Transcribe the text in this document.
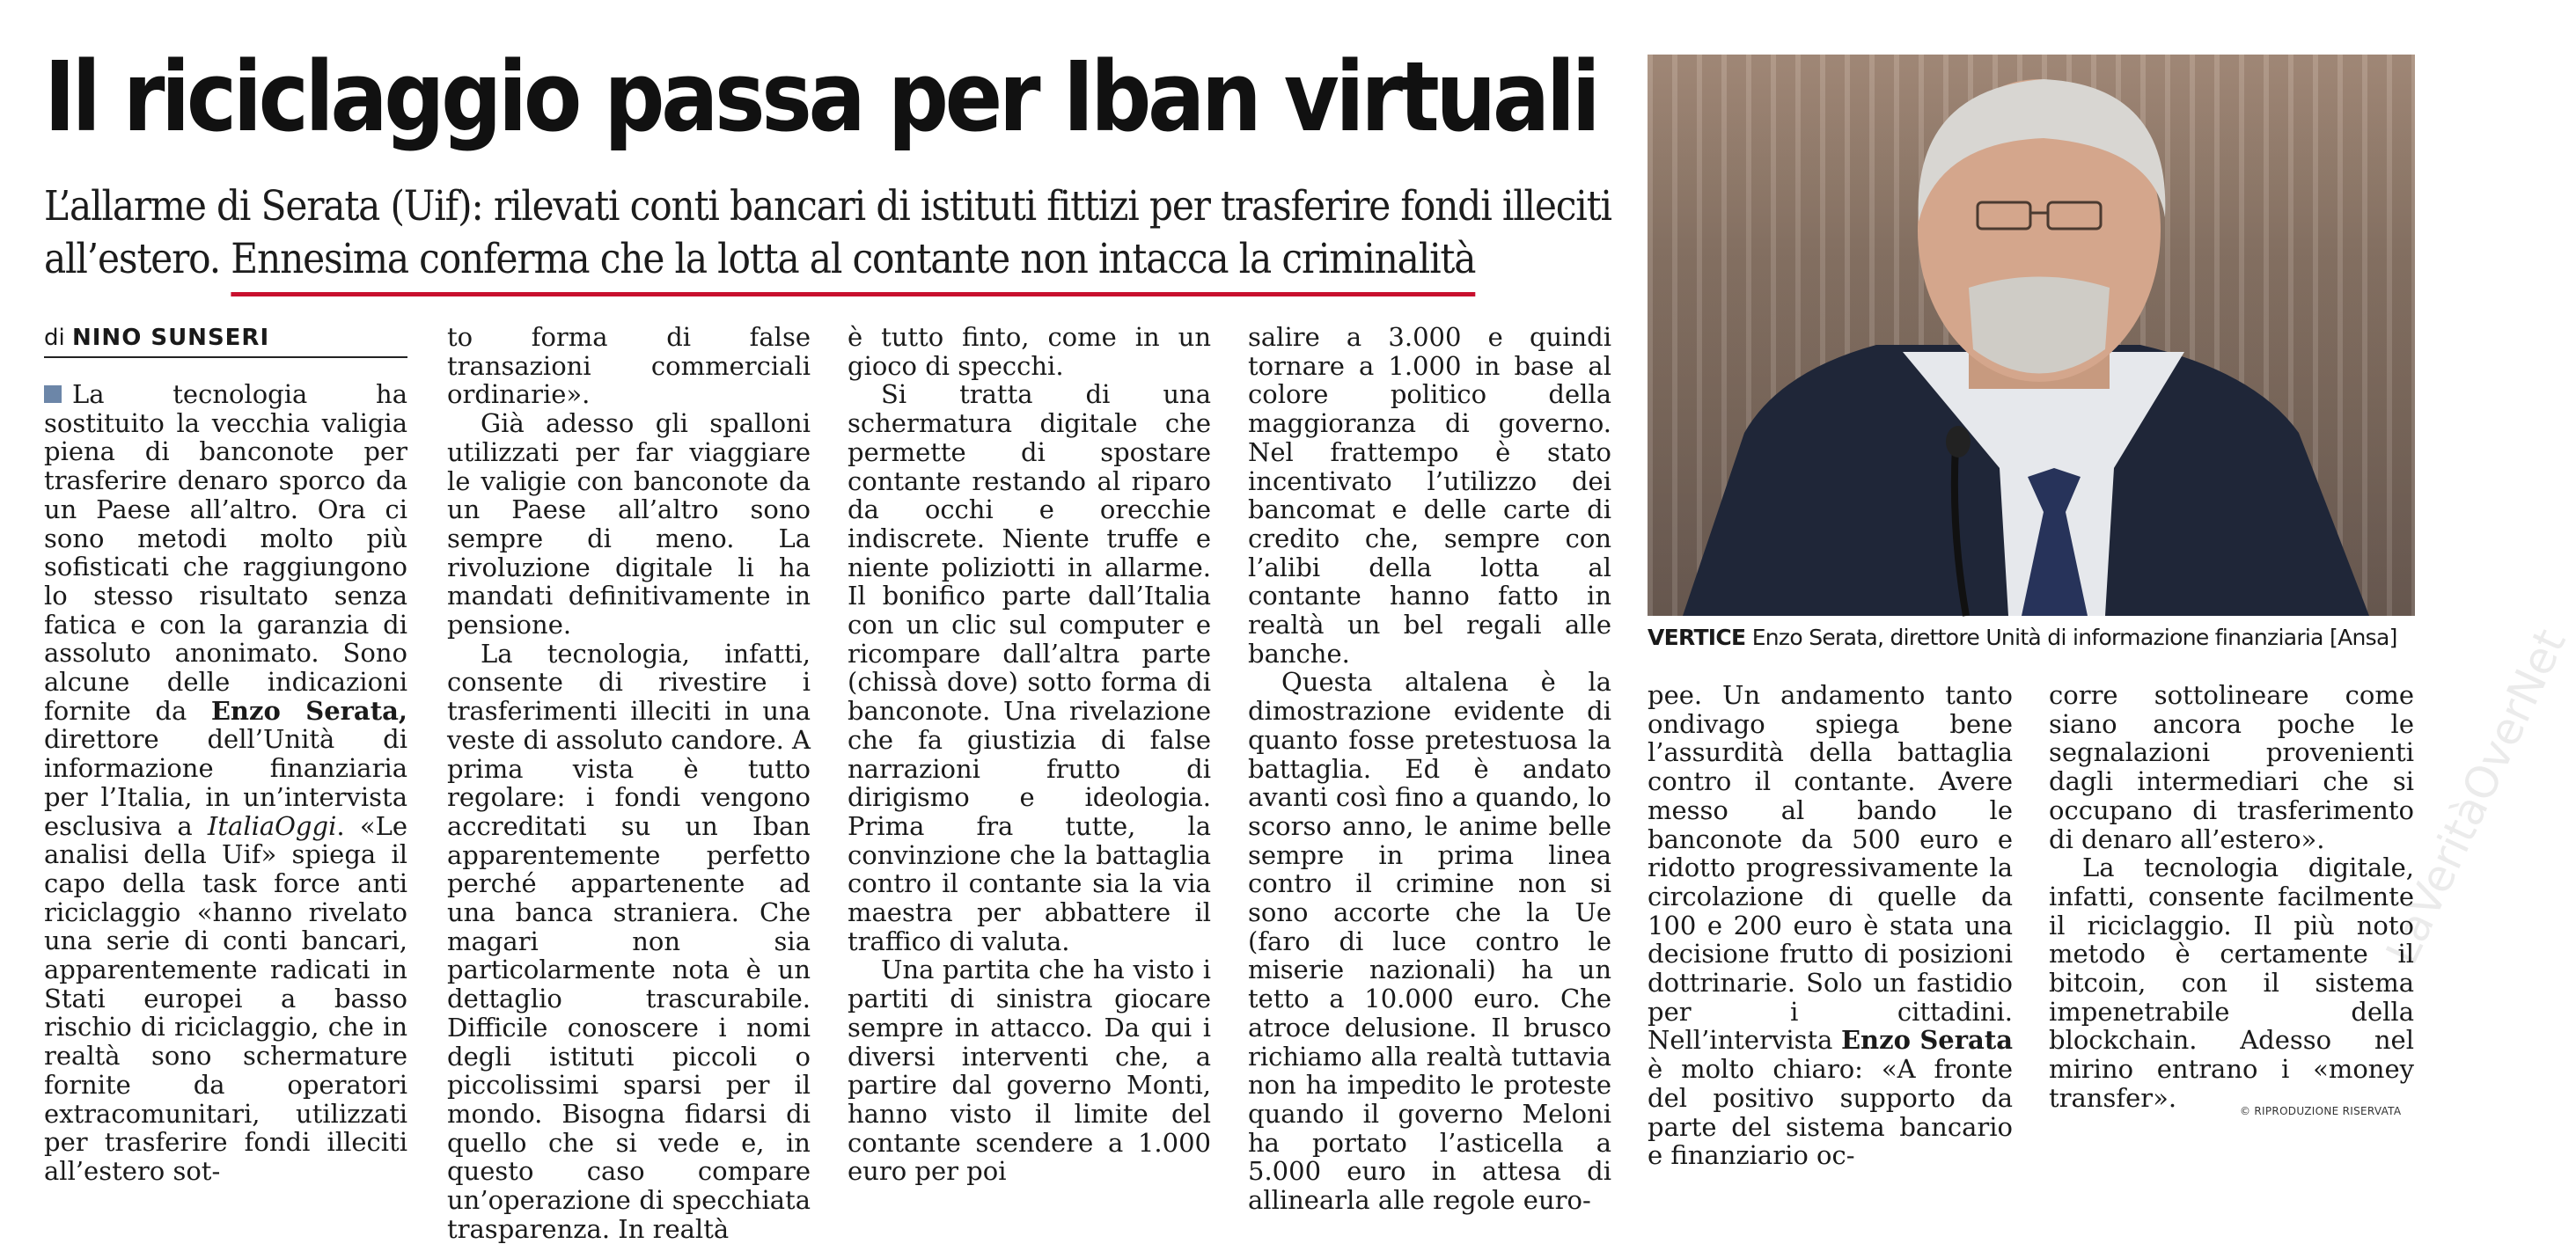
Il riciclaggio passa per Iban virtuali

L’allarme di Serata (Uif): rilevati conti bancari di istituti fittizi per trasferire fondi illeciti all’estero. Ennesima conferma che la lotta al contante non intacca la criminalità

di NINO SUNSERI

La tecnologia ha sostituito la vecchia valigia piena di banconote per trasferire denaro sporco da un Paese all’altro. Ora ci sono metodi molto più sofisticati che raggiungono lo stesso risultato senza fatica e con la garanzia di assoluto anonimato. Sono alcune delle indicazioni fornite da Enzo Serata, direttore dell’Unità di informazione finanziaria per l’Italia, in un’intervista esclusiva a ItaliaOggi. «Le analisi della Uif» spiega il capo della task force anti riciclaggio «hanno rivelato una serie di conti bancari, apparentemente radicati in Stati europei a basso rischio di riciclaggio, che in realtà sono schermature fornite da operatori extracomunitari, utilizzati per trasferire fondi illeciti all’estero sot-

to forma di false transazioni commerciali ordinarie».

Già adesso gli spalloni utilizzati per far viaggiare le valigie con banconote da un Paese all’altro sono sempre di meno. La rivoluzione digitale li ha mandati definitivamente in pensione.

La tecnologia, infatti, consente di rivestire i trasferimenti illeciti in una veste di assoluto candore. A prima vista è tutto regolare: i fondi vengono accreditati su un Iban apparentemente perfetto perché appartenente ad una banca straniera. Che magari non sia particolarmente nota è un dettaglio trascurabile. Difficile conoscere i nomi degli istituti piccoli o piccolissimi sparsi per il mondo. Bisogna fidarsi di quello che si vede e, in questo caso compare un’operazione di specchiata trasparenza. In realtà

è tutto finto, come in un gioco di specchi.

Si tratta di una schermatura digitale che permette di spostare contante restando al riparo da occhi e orecchie indiscrete. Niente truffe e niente poliziotti in allarme. Il bonifico parte dall’Italia con un clic sul computer e ricompare dall’altra parte (chissà dove) sotto forma di banconote. Una rivelazione che fa giustizia di false narrazioni frutto di dirigismo e ideologia. Prima fra tutte, la convinzione che la battaglia contro il contante sia la via maestra per abbattere il traffico di valuta.

Una partita che ha visto i partiti di sinistra giocare sempre in attacco. Da qui i diversi interventi che, a partire dal governo Monti, hanno visto il limite del contante scendere a 1.000 euro per poi

salire a 3.000 e quindi tornare a 1.000 in base al colore politico della maggioranza di governo. Nel frattempo è stato incentivato l’utilizzo dei bancomat e delle carte di credito che, sempre con l’alibi della lotta al contante hanno fatto in realtà un bel regali alle banche.

Questa altalena è la dimostrazione evidente di quanto fosse pretestuosa la battaglia. Ed è andato avanti così fino a quando, lo scorso anno, le anime belle sempre in prima linea contro il crimine non si sono accorte che la Ue (faro di luce contro le miserie nazionali) ha un tetto a 10.000 euro. Che atroce delusione. Il brusco richiamo alla realtà tuttavia non ha impedito le proteste quando il governo Meloni ha portato l’asticella a 5.000 euro in attesa di allinearla alle regole euro-

VERTICE Enzo Serata, direttore Unità di informazione finanziaria [Ansa]

pee. Un andamento tanto ondivago spiega bene l’assurdità della battaglia contro il contante. Avere messo al bando le banconote da 500 euro e ridotto progressivamente la circolazione di quelle da 100 e 200 euro è stata una decisione frutto di posizioni dottrinarie. Solo un fastidio per i cittadini. Nell’intervista Enzo Serata è molto chiaro: «A fronte del positivo supporto da parte del sistema bancario e finanziario oc-

corre sottolineare come siano ancora poche le segnalazioni provenienti dagli intermediari che si occupano di trasferimento di denaro all’estero».

La tecnologia digitale, infatti, consente facilmente il riciclaggio. Il più noto metodo è certamente il bitcoin, con il sistema impenetrabile della blockchain. Adesso nel mirino entrano i «money transfer».	© RIPRODUZIONE RISERVATA
LaVeritàOverNet
